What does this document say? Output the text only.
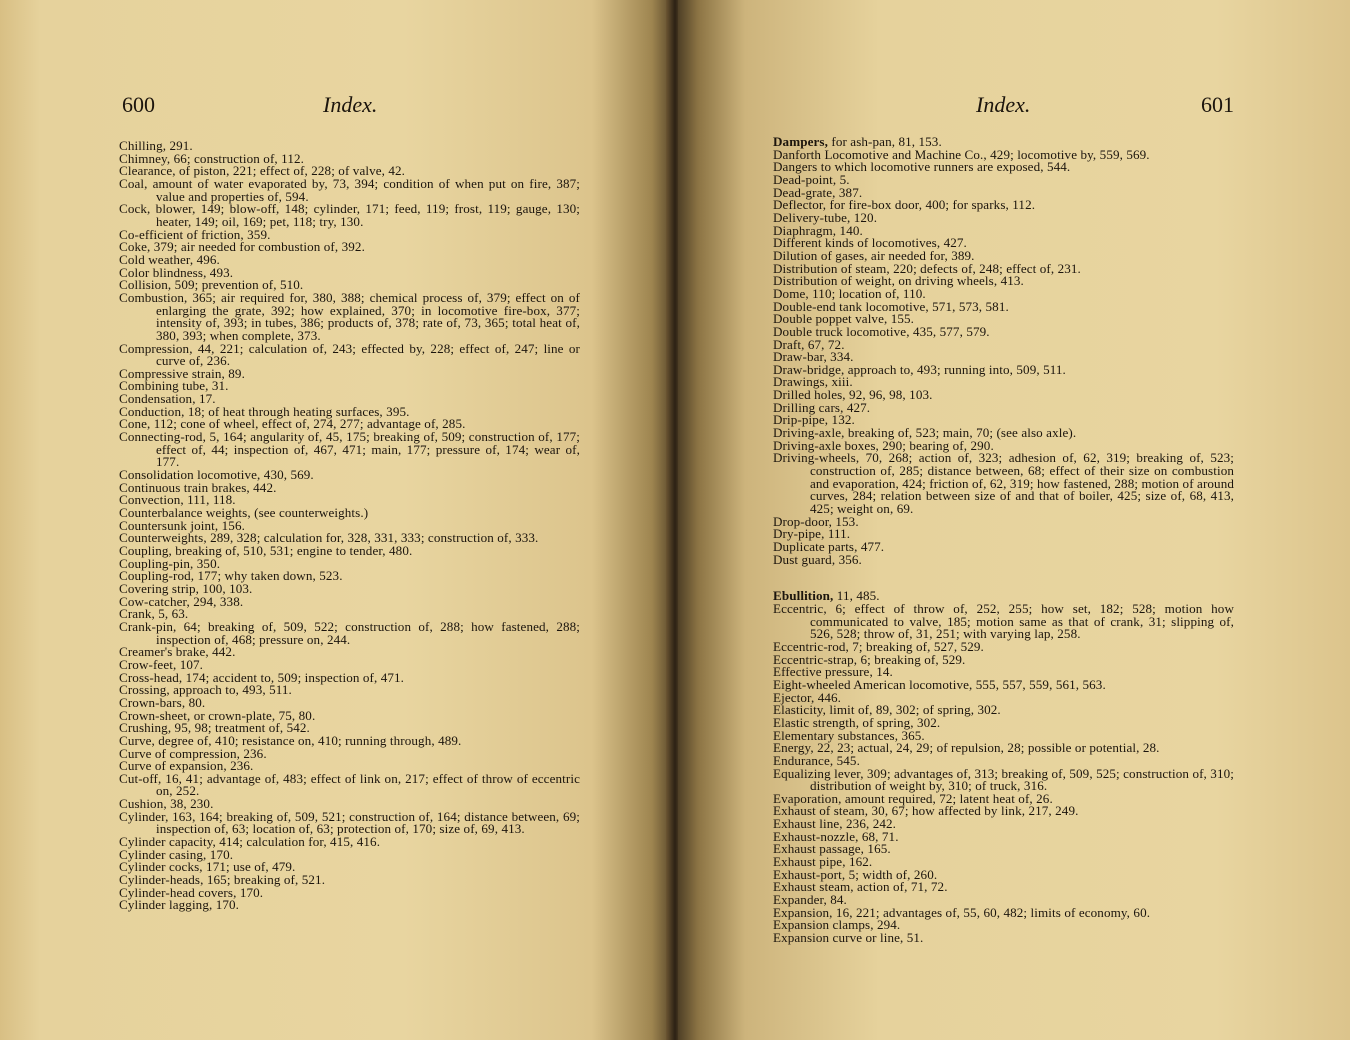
600	Index.
Chilling, 291.
Chimney, 66; construction of, 112.
Clearance, of piston, 221; effect of, 228; of valve, 42.
Coal, amount of water evaporated by, 73, 394; condition of when put on fire, 387; value and properties of, 594.
Cock, blower, 149; blow-off, 148; cylinder, 171; feed, 119; frost, 119; gauge, 130; heater, 149; oil, 169; pet, 118; try, 130.
Co-efficient of friction, 359.
Coke, 379; air needed for combustion of, 392.
Cold weather, 496.
Color blindness, 493.
Collision, 509; prevention of, 510.
Combustion, 365; air required for, 380, 388; chemical process of, 379; effect on of enlarging the grate, 392; how explained, 370; in locomotive fire-box, 377; intensity of, 393; in tubes, 386; products of, 378; rate of, 73, 365; total heat of, 380, 393; when complete, 373.
Compression, 44, 221; calculation of, 243; effected by, 228; effect of, 247; line or curve of, 236.
Compressive strain, 89.
Combining tube, 31.
Condensation, 17.
Conduction, 18; of heat through heating surfaces, 395.
Cone, 112; cone of wheel, effect of, 274, 277; advantage of, 285.
Connecting-rod, 5, 164; angularity of, 45, 175; breaking of, 509; construction of, 177; effect of, 44; inspection of, 467, 471; main, 177; pressure of, 174; wear of, 177.
Consolidation locomotive, 430, 569.
Continuous train brakes, 442.
Convection, 111, 118.
Counterbalance weights, (see counterweights.)
Countersunk joint, 156.
Counterweights, 289, 328; calculation for, 328, 331, 333; construction of, 333.
Coupling, breaking of, 510, 531; engine to tender, 480.
Coupling-pin, 350.
Coupling-rod, 177; why taken down, 523.
Covering strip, 100, 103.
Cow-catcher, 294, 338.
Crank, 5, 63.
Crank-pin, 64; breaking of, 509, 522; construction of, 288; how fastened, 288; inspection of, 468; pressure on, 244.
Creamer's brake, 442.
Crow-feet, 107.
Cross-head, 174; accident to, 509; inspection of, 471.
Crossing, approach to, 493, 511.
Crown-bars, 80.
Crown-sheet, or crown-plate, 75, 80.
Crushing, 95, 98; treatment of, 542.
Curve, degree of, 410; resistance on, 410; running through, 489.
Curve of compression, 236.
Curve of expansion, 236.
Cut-off, 16, 41; advantage of, 483; effect of link on, 217; effect of throw of eccentric on, 252.
Cushion, 38, 230.
Cylinder, 163, 164; breaking of, 509, 521; construction of, 164; distance between, 69; inspection of, 63; location of, 63; protection of, 170; size of, 69, 413.
Cylinder capacity, 414; calculation for, 415, 416.
Cylinder casing, 170.
Cylinder cocks, 171; use of, 479.
Cylinder-heads, 165; breaking of, 521.
Cylinder-head covers, 170.
Cylinder lagging, 170.
Index.	601
Dampers, for ash-pan, 81, 153.
Danforth Locomotive and Machine Co., 429; locomotive by, 559, 569.
Dangers to which locomotive runners are exposed, 544.
Dead-point, 5.
Dead-grate, 387.
Deflector, for fire-box door, 400; for sparks, 112.
Delivery-tube, 120.
Diaphragm, 140.
Different kinds of locomotives, 427.
Dilution of gases, air needed for, 389.
Distribution of steam, 220; defects of, 248; effect of, 231.
Distribution of weight, on driving wheels, 413.
Dome, 110; location of, 110.
Double-end tank locomotive, 571, 573, 581.
Double poppet valve, 155.
Double truck locomotive, 435, 577, 579.
Draft, 67, 72.
Draw-bar, 334.
Draw-bridge, approach to, 493; running into, 509, 511.
Drawings, xiii.
Drilled holes, 92, 96, 98, 103.
Drilling cars, 427.
Drip-pipe, 132.
Driving-axle, breaking of, 523; main, 70; (see also axle).
Driving-axle boxes, 290; bearing of, 290.
Driving-wheels, 70, 268; action of, 323; adhesion of, 62, 319; breaking of, 523; construction of, 285; distance between, 68; effect of their size on combustion and evaporation, 424; friction of, 62, 319; how fastened, 288; motion of around curves, 284; relation between size of and that of boiler, 425; size of, 68, 413, 425; weight on, 69.
Drop-door, 153.
Dry-pipe, 111.
Duplicate parts, 477.
Dust guard, 356.
Ebullition, 11, 485.
Eccentric, 6; effect of throw of, 252, 255; how set, 182; 528; motion how communicated to valve, 185; motion same as that of crank, 31; slipping of, 526, 528; throw of, 31, 251; with varying lap, 258.
Eccentric-rod, 7; breaking of, 527, 529.
Eccentric-strap, 6; breaking of, 529.
Effective pressure, 14.
Eight-wheeled American locomotive, 555, 557, 559, 561, 563.
Ejector, 446.
Elasticity, limit of, 89, 302; of spring, 302.
Elastic strength, of spring, 302.
Elementary substances, 365.
Energy, 22, 23; actual, 24, 29; of repulsion, 28; possible or potential, 28.
Endurance, 545.
Equalizing lever, 309; advantages of, 313; breaking of, 509, 525; construction of, 310; distribution of weight by, 310; of truck, 316.
Evaporation, amount required, 72; latent heat of, 26.
Exhaust of steam, 30, 67; how affected by link, 217, 249.
Exhaust line, 236, 242.
Exhaust-nozzle, 68, 71.
Exhaust passage, 165.
Exhaust pipe, 162.
Exhaust-port, 5; width of, 260.
Exhaust steam, action of, 71, 72.
Expander, 84.
Expansion, 16, 221; advantages of, 55, 60, 482; limits of economy, 60.
Expansion clamps, 294.
Expansion curve or line, 51.
